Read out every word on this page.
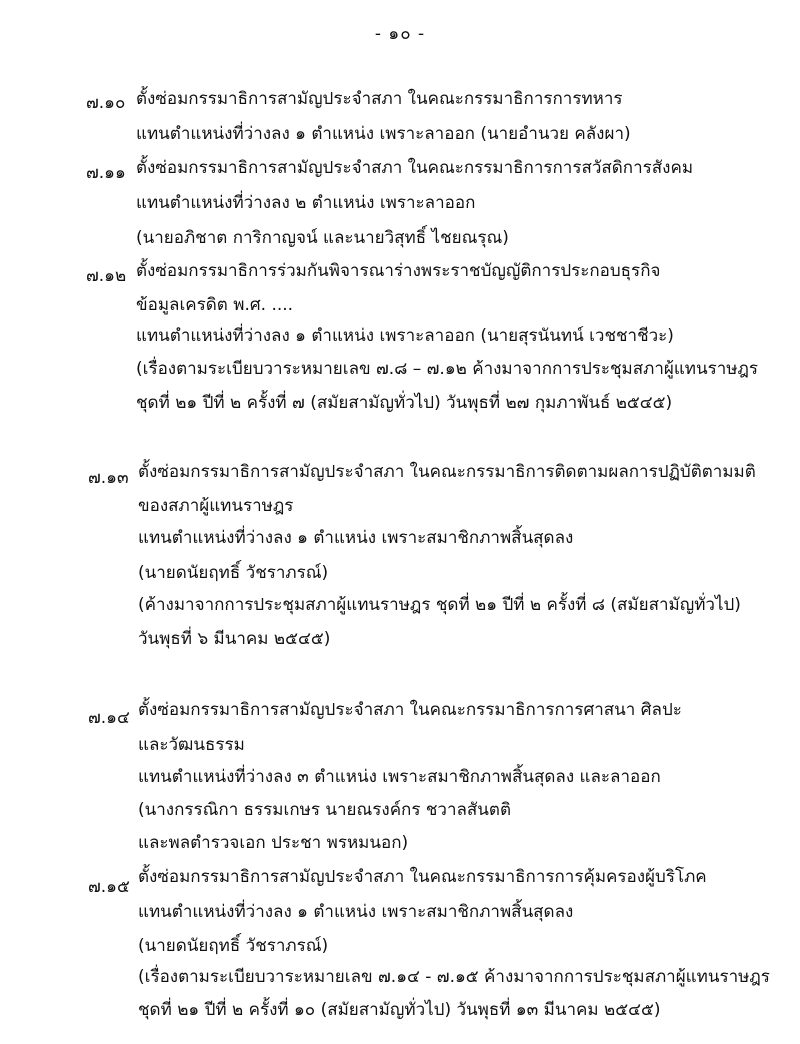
- ๑๐ -
๗.๑๐ ตั้งซ่อมกรรมาธิการสามัญประจำสภา ในคณะกรรมาธิการการทหาร
แทนตำแหน่งที่ว่างลง ๑ ตำแหน่ง เพราะลาออก (นายอำนวย คลังผา)
๗.๑๑ ตั้งซ่อมกรรมาธิการสามัญประจำสภา ในคณะกรรมาธิการการสวัสดิการสังคม
แทนตำแหน่งที่ว่างลง ๒ ตำแหน่ง เพราะลาออก
(นายอภิชาต การิกาญจน์ และนายวิสุทธิ์ ไชยณรุณ)
๗.๑๒ ตั้งซ่อมกรรมาธิการร่วมกันพิจารณาร่างพระราชบัญญัติการประกอบธุรกิจ
ข้อมูลเครดิต พ.ศ. ....
แทนตำแหน่งที่ว่างลง ๑ ตำแหน่ง เพราะลาออก (นายสุรนันทน์ เวชชาชีวะ)
(เรื่องตามระเบียบวาระหมายเลข ๗.๘ – ๗.๑๒ ค้างมาจากการประชุมสภาผู้แทนราษฎร
ชุดที่ ๒๑ ปีที่ ๒ ครั้งที่ ๗ (สมัยสามัญทั่วไป) วันพุธที่ ๒๗ กุมภาพันธ์ ๒๕๔๕)
๗.๑๓ ตั้งซ่อมกรรมาธิการสามัญประจำสภา ในคณะกรรมาธิการติดตามผลการปฏิบัติตามมติ
ของสภาผู้แทนราษฎร
แทนตำแหน่งที่ว่างลง ๑ ตำแหน่ง เพราะสมาชิกภาพสิ้นสุดลง
(นายดนัยฤทธิ์ วัชราภรณ์)
(ค้างมาจากการประชุมสภาผู้แทนราษฎร ชุดที่ ๒๑ ปีที่ ๒ ครั้งที่ ๘ (สมัยสามัญทั่วไป)
วันพุธที่ ๖ มีนาคม ๒๕๔๕)
๗.๑๔ ตั้งซ่อมกรรมาธิการสามัญประจำสภา ในคณะกรรมาธิการการศาสนา ศิลปะ
และวัฒนธรรม
แทนตำแหน่งที่ว่างลง ๓ ตำแหน่ง เพราะสมาชิกภาพสิ้นสุดลง และลาออก
(นางกรรณิกา ธรรมเกษร นายณรงค์กร ชวาลสันตติ
และพลตำรวจเอก ประชา พรหมนอก)
๗.๑๕ ตั้งซ่อมกรรมาธิการสามัญประจำสภา ในคณะกรรมาธิการการคุ้มครองผู้บริโภค
แทนตำแหน่งที่ว่างลง ๑ ตำแหน่ง เพราะสมาชิกภาพสิ้นสุดลง
(นายดนัยฤทธิ์ วัชราภรณ์)
(เรื่องตามระเบียบวาระหมายเลข ๗.๑๔ - ๗.๑๕ ค้างมาจากการประชุมสภาผู้แทนราษฎร
ชุดที่ ๒๑ ปีที่ ๒ ครั้งที่ ๑๐ (สมัยสามัญทั่วไป) วันพุธที่ ๑๓ มีนาคม ๒๕๔๕)
